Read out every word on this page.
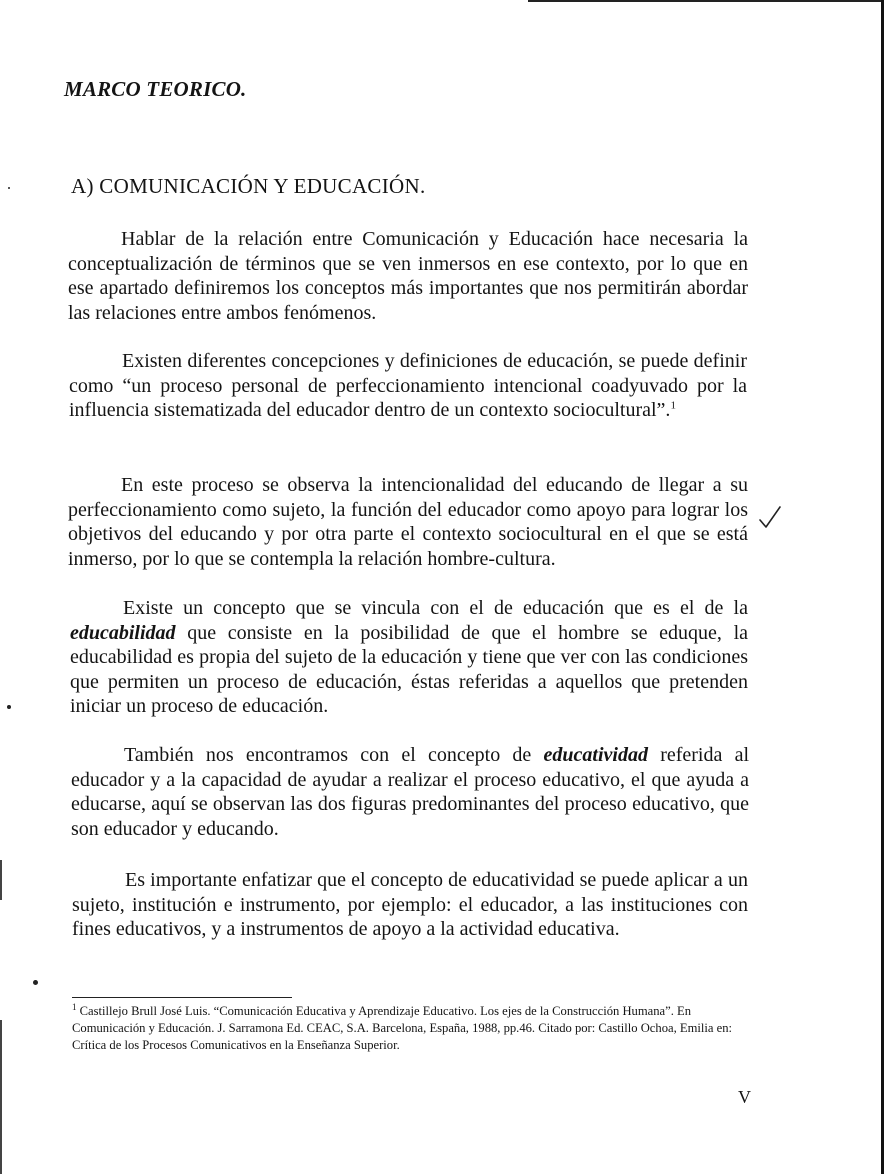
MARCO TEORICO.
A) COMUNICACIÓN Y EDUCACIÓN.

Hablar de la relación entre Comunicación y Educación hace necesaria la conceptualización de términos que se ven inmersos en ese contexto, por lo que en ese apartado definiremos los conceptos más importantes que nos permitirán abordar las relaciones entre ambos fenómenos.

Existen diferentes concepciones y definiciones de educación, se puede definir como “un proceso personal de perfeccionamiento intencional coadyuvado por la influencia sistematizada del educador dentro de un contexto sociocultural”.$^1$

En este proceso se observa la intencionalidad del educando de llegar a su perfeccionamiento como sujeto, la función del educador como apoyo para lograr los objetivos del educando y por otra parte el contexto sociocultural en el que se está inmerso, por lo que se contempla la relación hombre-cultura.

Existe un concepto que se vincula con el de educación que es el de la educabilidad que consiste en la posibilidad de que el hombre se eduque, la educabilidad es propia del sujeto de la educación y tiene que ver con las condiciones que permiten un proceso de educación, éstas referidas a aquellos que pretenden iniciar un proceso de educación.

También nos encontramos con el concepto de educatividad referida al educador y a la capacidad de ayudar a realizar el proceso educativo, el que ayuda a educarse, aquí se observan las dos figuras predominantes del proceso educativo, que son educador y educando.

Es importante enfatizar que el concepto de educatividad se puede aplicar a un sujeto, institución e instrumento, por ejemplo: el educador, a las instituciones con fines educativos, y a instrumentos de apoyo a la actividad educativa.

$^1$ Castillejo Brull José Luis. “Comunicación Educativa y Aprendizaje Educativo. Los ejes de la Construcción Humana”. En Comunicación y Educación. J. Sarramona Ed. CEAC, S.A. Barcelona, España, 1988, pp.46. Citado por: Castillo Ochoa, Emilia en: Crítica de los Procesos Comunicativos en la Enseñanza Superior.

V
